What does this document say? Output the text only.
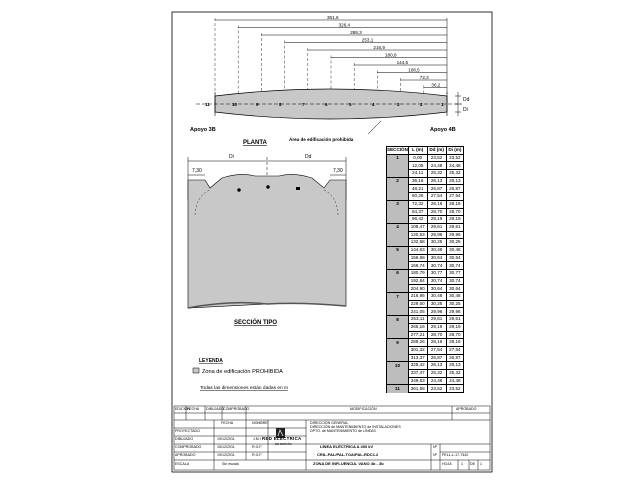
361,6
326,4
289,3
253,1
216,9
180,8
144,6
108,5
72,3
36,2
Dd
Di
11	10	9	8	7	6	5	4	3	2	1
Apoyo 3B	Apoyo 4B
PLANTA
Área de edificación prohibida
Di	Dd
7,30	7,30
SECCIÓN TIPO
LEYENDA
Zona de edificación PROHIBIDA
Todas las dimensiones están dadas en m
SECCIÓN	L (m)	Dd (m)	Di (m)
1	0,00	23,52	23,52
	12,05	24,48	24,48
	24,11	25,32	25,32
2	36,16	26,13	26,13
	48,21	26,87	26,87
	60,26	27,54	27,54
3	72,32	28,16	28,16
	84,37	28,70	28,70
	96,42	29,19	29,19
4	108,47	29,61	29,61
	120,53	29,96	29,96
	132,58	30,25	30,25
5	144,63	30,48	30,48
	156,68	30,64	30,64
	168,74	30,74	30,74
6	180,79	30,77	30,77
	192,84	30,74	30,74
	204,90	30,64	30,64
7	216,95	30,48	30,48
	229,00	30,25	30,25
	241,05	29,96	29,96
8	253,11	29,61	29,61
	265,16	29,19	29,19
	277,21	28,70	28,70
9	289,26	28,16	28,16
	301,32	27,54	27,54
	313,37	26,87	26,87
10	325,42	26,13	26,13
	337,47	25,32	25,32
	349,53	24,48	24,48
11	361,58	23,52	23,52
EDICIÓN
FECHA DIBUJADO
COMPROBADO	MODIFICACIÓN	APROBADO
FECHA	NOMBRE
PROYECTADO
DIBUJADO	19/12/2011	J.M.I
COMPROBADO	15/12/2011	R.G.F.
APROBADO	19/12/2011	R.G.F.
ESCALA	Sin escala
DIRECCIÓN GENERAL
DIRECCIÓN de MANTENIMIENTO de INSTALACIONES
DPTO. de MANTENIMIENTO de LÍNEAS
RED ELÉCTRICA
DE ESPAÑA	LÍNEA ELÉCTRICA A 400 kV
CRIL-PAL/PAL-TOA/PAL-RDC1.2
ZONA DE INFLUENCIA. VANO 4b - 3b
Nº
Nº PELL-L-17-7442
HOJA	1 DE 1
